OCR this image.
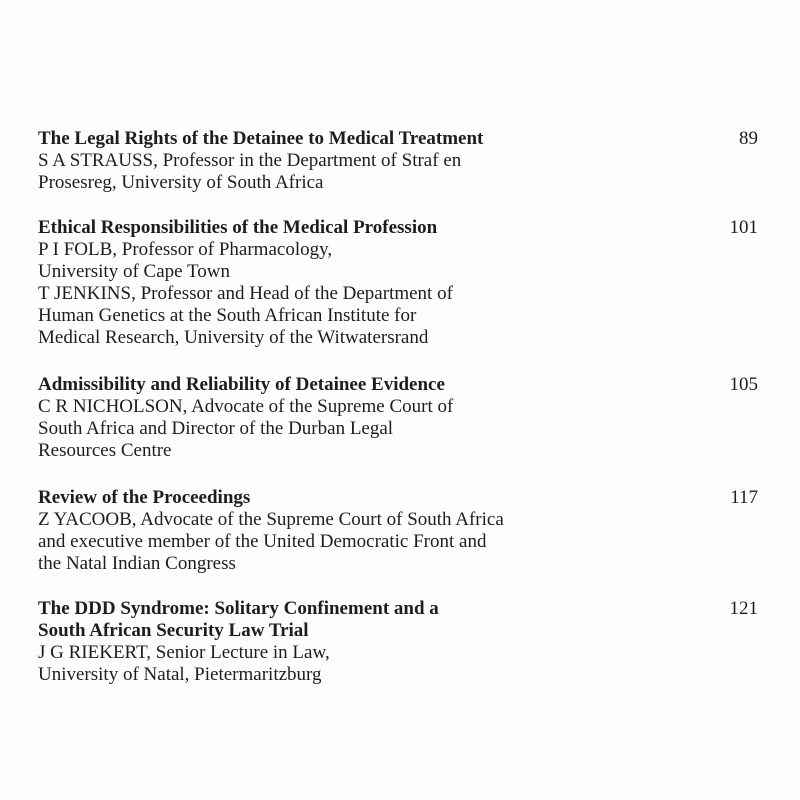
The Legal Rights of the Detainee to Medical Treatment	89
S A STRAUSS, Professor in the Department of Straf en
Prosesreg, University of South Africa
Ethical Responsibilities of the Medical Profession	101
P I FOLB, Professor of Pharmacology,
University of Cape Town
T JENKINS, Professor and Head of the Department of
Human Genetics at the South African Institute for
Medical Research, University of the Witwatersrand
Admissibility and Reliability of Detainee Evidence	105
C R NICHOLSON, Advocate of the Supreme Court of
South Africa and Director of the Durban Legal
Resources Centre
Review of the Proceedings	117
Z YACOOB, Advocate of the Supreme Court of South Africa
and executive member of the United Democratic Front and
the Natal Indian Congress
The DDD Syndrome: Solitary Confinement and a	121
South African Security Law Trial
J G RIEKERT, Senior Lecture in Law,
University of Natal, Pietermaritzburg
